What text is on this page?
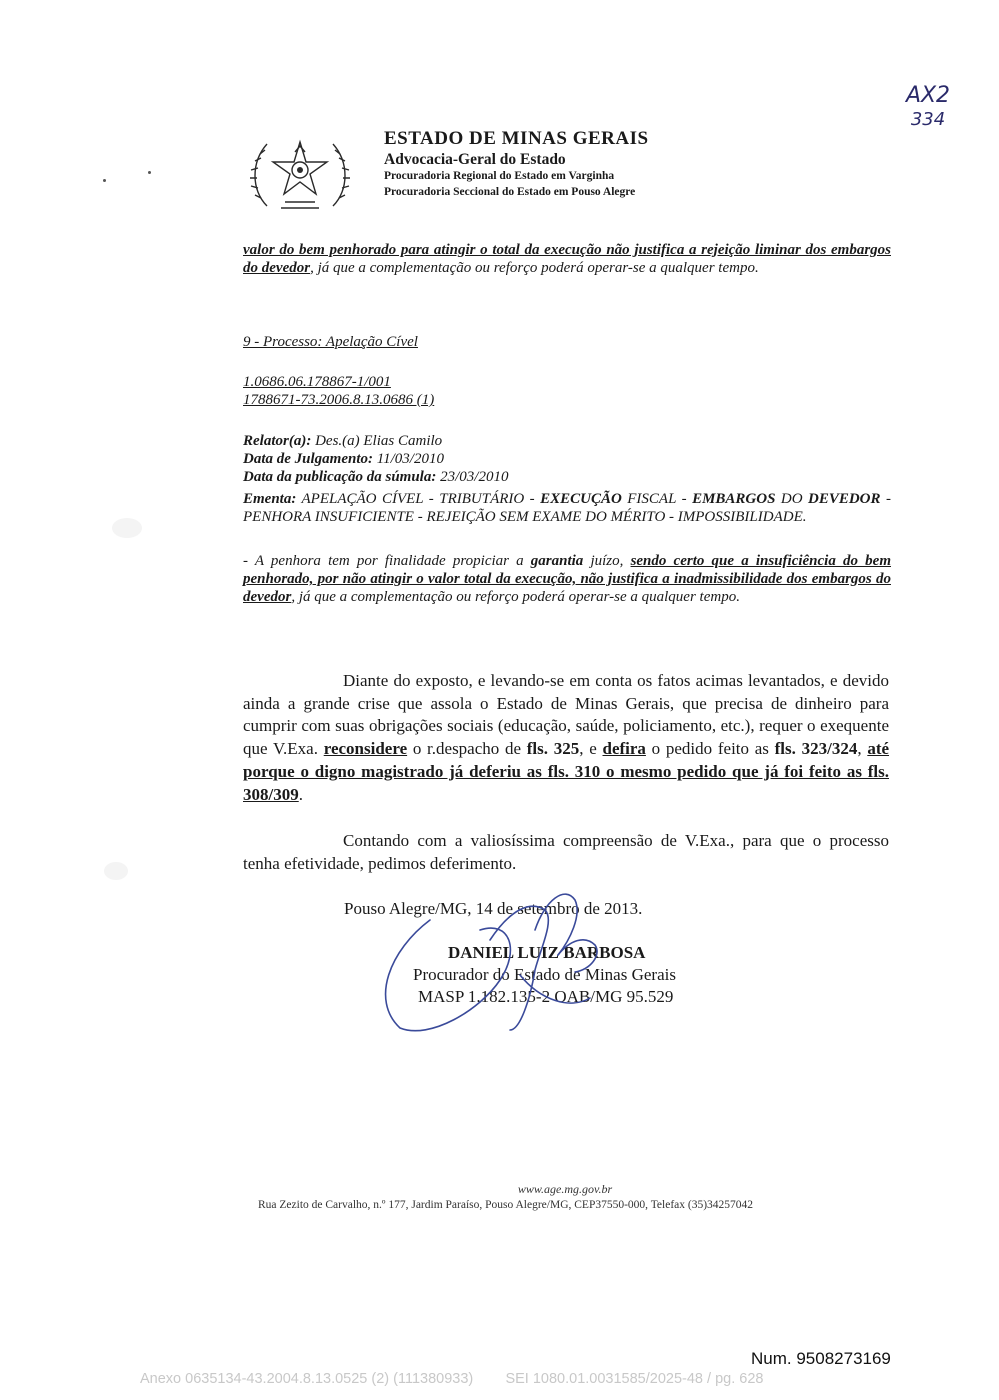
AX2
334
ESTADO DE MINAS GERAIS
Advocacia-Geral do Estado
Procuradoria Regional do Estado em Varginha
Procuradoria Seccional do Estado em Pouso Alegre
valor do bem penhorado para atingir o total da execução não justifica a rejeição liminar dos embargos do devedor, já que a complementação ou reforço poderá operar-se a qualquer tempo.
9 - Processo: Apelação Cível
1.0686.06.178867-1/001
1788671-73.2006.8.13.0686 (1)
Relator(a): Des.(a) Elias Camilo
Data de Julgamento: 11/03/2010
Data da publicação da súmula: 23/03/2010
Ementa: APELAÇÃO CÍVEL - TRIBUTÁRIO - EXECUÇÃO FISCAL - EMBARGOS DO DEVEDOR - PENHORA INSUFICIENTE - REJEIÇÃO SEM EXAME DO MÉRITO - IMPOSSIBILIDADE.
- A penhora tem por finalidade propiciar a garantia juízo, sendo certo que a insuficiência do bem penhorado, por não atingir o valor total da execução, não justifica a inadmissibilidade dos embargos do devedor, já que a complementação ou reforço poderá operar-se a qualquer tempo.
Diante do exposto, e levando-se em conta os fatos acimas levantados, e devido ainda a grande crise que assola o Estado de Minas Gerais, que precisa de dinheiro para cumprir com suas obrigações sociais (educação, saúde, policiamento, etc.), requer o exequente que V.Exa. reconsidere o r.despacho de fls. 325, e defira o pedido feito as fls. 323/324, até porque o digno magistrado já deferiu as fls. 310 o mesmo pedido que já foi feito as fls. 308/309.
Contando com a valiosíssima compreensão de V.Exa., para que o processo tenha efetividade, pedimos deferimento.
Pouso Alegre/MG, 14 de setembro de 2013.
DANIEL LUIZ BARBOSA
Procurador do Estado de Minas Gerais
MASP 1.182.135-2 OAB/MG 95.529
www.age.mg.gov.br
Rua Zezito de Carvalho, n.º 177, Jardim Paraíso, Pouso Alegre/MG, CEP37550-000, Telefax (35)34257042
Num. 9508273169
Anexo 0635134-43.2004.8.13.0525 (2) (111380933)        SEI 1080.01.0031585/2025-48 / pg. 628
